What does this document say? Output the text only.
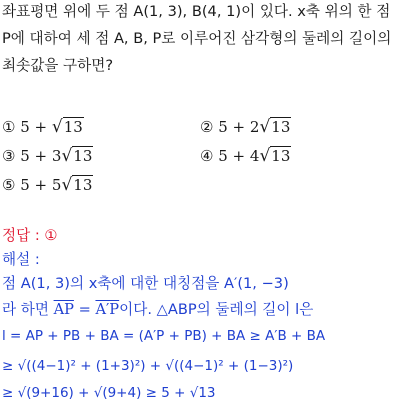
좌표평면 위에 두 점 A(1, 3), B(4, 1)이 있다. x축 위의 한 점
P에 대하여 세 점 A, B, P로 이루어진 삼각형의 둘레의 길이의
최솟값을 구하면?
① 5 + √13	② 5 + 2√13
③ 5 + 3√13	④ 5 + 4√13
⑤ 5 + 5√13
정답 : ①
해설 :
점 A(1, 3)의 x축에 대한 대칭점을 A′(1, −3)
라 하면 $\overline{AP} = A'P$이다. △ABP의 둘레의 길이 l은
l = AP + PB + BA = (A′P + PB) + BA ≥ A′B + BA
≥ √((4−1)² + (1+3)²) + √((4−1)² + (1−3)²)
≥ √(9+16) + √(9+4) ≥ 5 + √13
